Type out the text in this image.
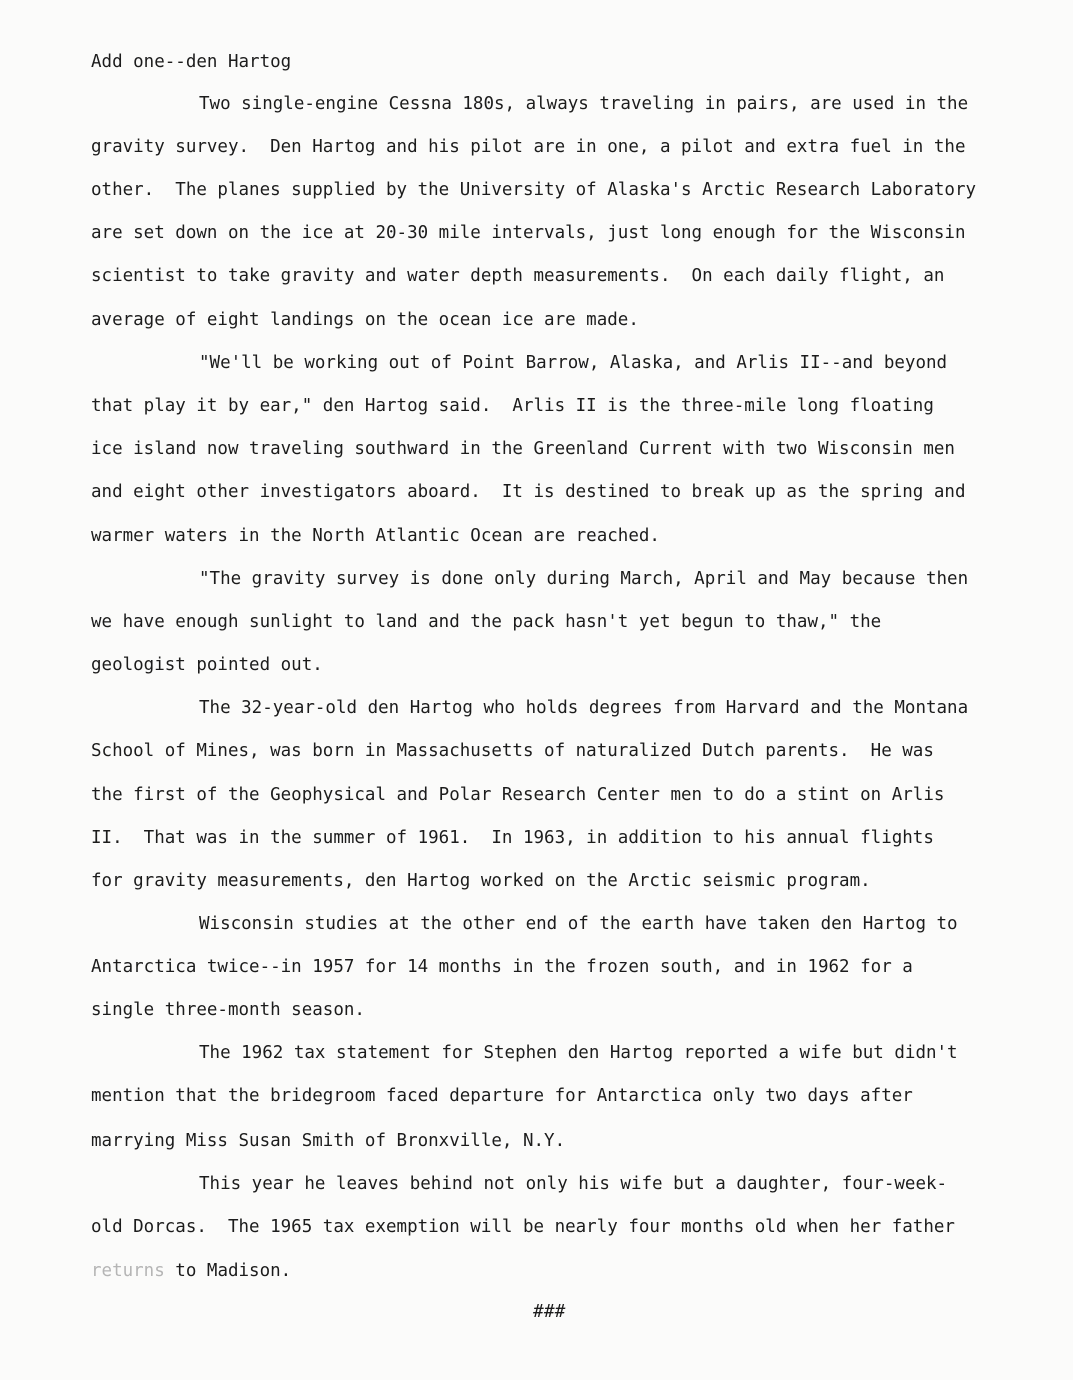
Add one--den Hartog
Two single-engine Cessna 180s, always traveling in pairs, are used in the
gravity survey.  Den Hartog and his pilot are in one, a pilot and extra fuel in the
other.  The planes supplied by the University of Alaska's Arctic Research Laboratory
are set down on the ice at 20-30 mile intervals, just long enough for the Wisconsin
scientist to take gravity and water depth measurements.  On each daily flight, an
average of eight landings on the ocean ice are made.
"We'll be working out of Point Barrow, Alaska, and Arlis II--and beyond
that play it by ear," den Hartog said.  Arlis II is the three-mile long floating
ice island now traveling southward in the Greenland Current with two Wisconsin men
and eight other investigators aboard.  It is destined to break up as the spring and
warmer waters in the North Atlantic Ocean are reached.
"The gravity survey is done only during March, April and May because then
we have enough sunlight to land and the pack hasn't yet begun to thaw," the
geologist pointed out.
The 32-year-old den Hartog who holds degrees from Harvard and the Montana
School of Mines, was born in Massachusetts of naturalized Dutch parents.  He was
the first of the Geophysical and Polar Research Center men to do a stint on Arlis
II.  That was in the summer of 1961.  In 1963, in addition to his annual flights
for gravity measurements, den Hartog worked on the Arctic seismic program.
Wisconsin studies at the other end of the earth have taken den Hartog to
Antarctica twice--in 1957 for 14 months in the frozen south, and in 1962 for a
single three-month season.
The 1962 tax statement for Stephen den Hartog reported a wife but didn't
mention that the bridegroom faced departure for Antarctica only two days after
marrying Miss Susan Smith of Bronxville, N.Y.
This year he leaves behind not only his wife but a daughter, four-week-
old Dorcas.  The 1965 tax exemption will be nearly four months old when her father
returns to Madison.
###
